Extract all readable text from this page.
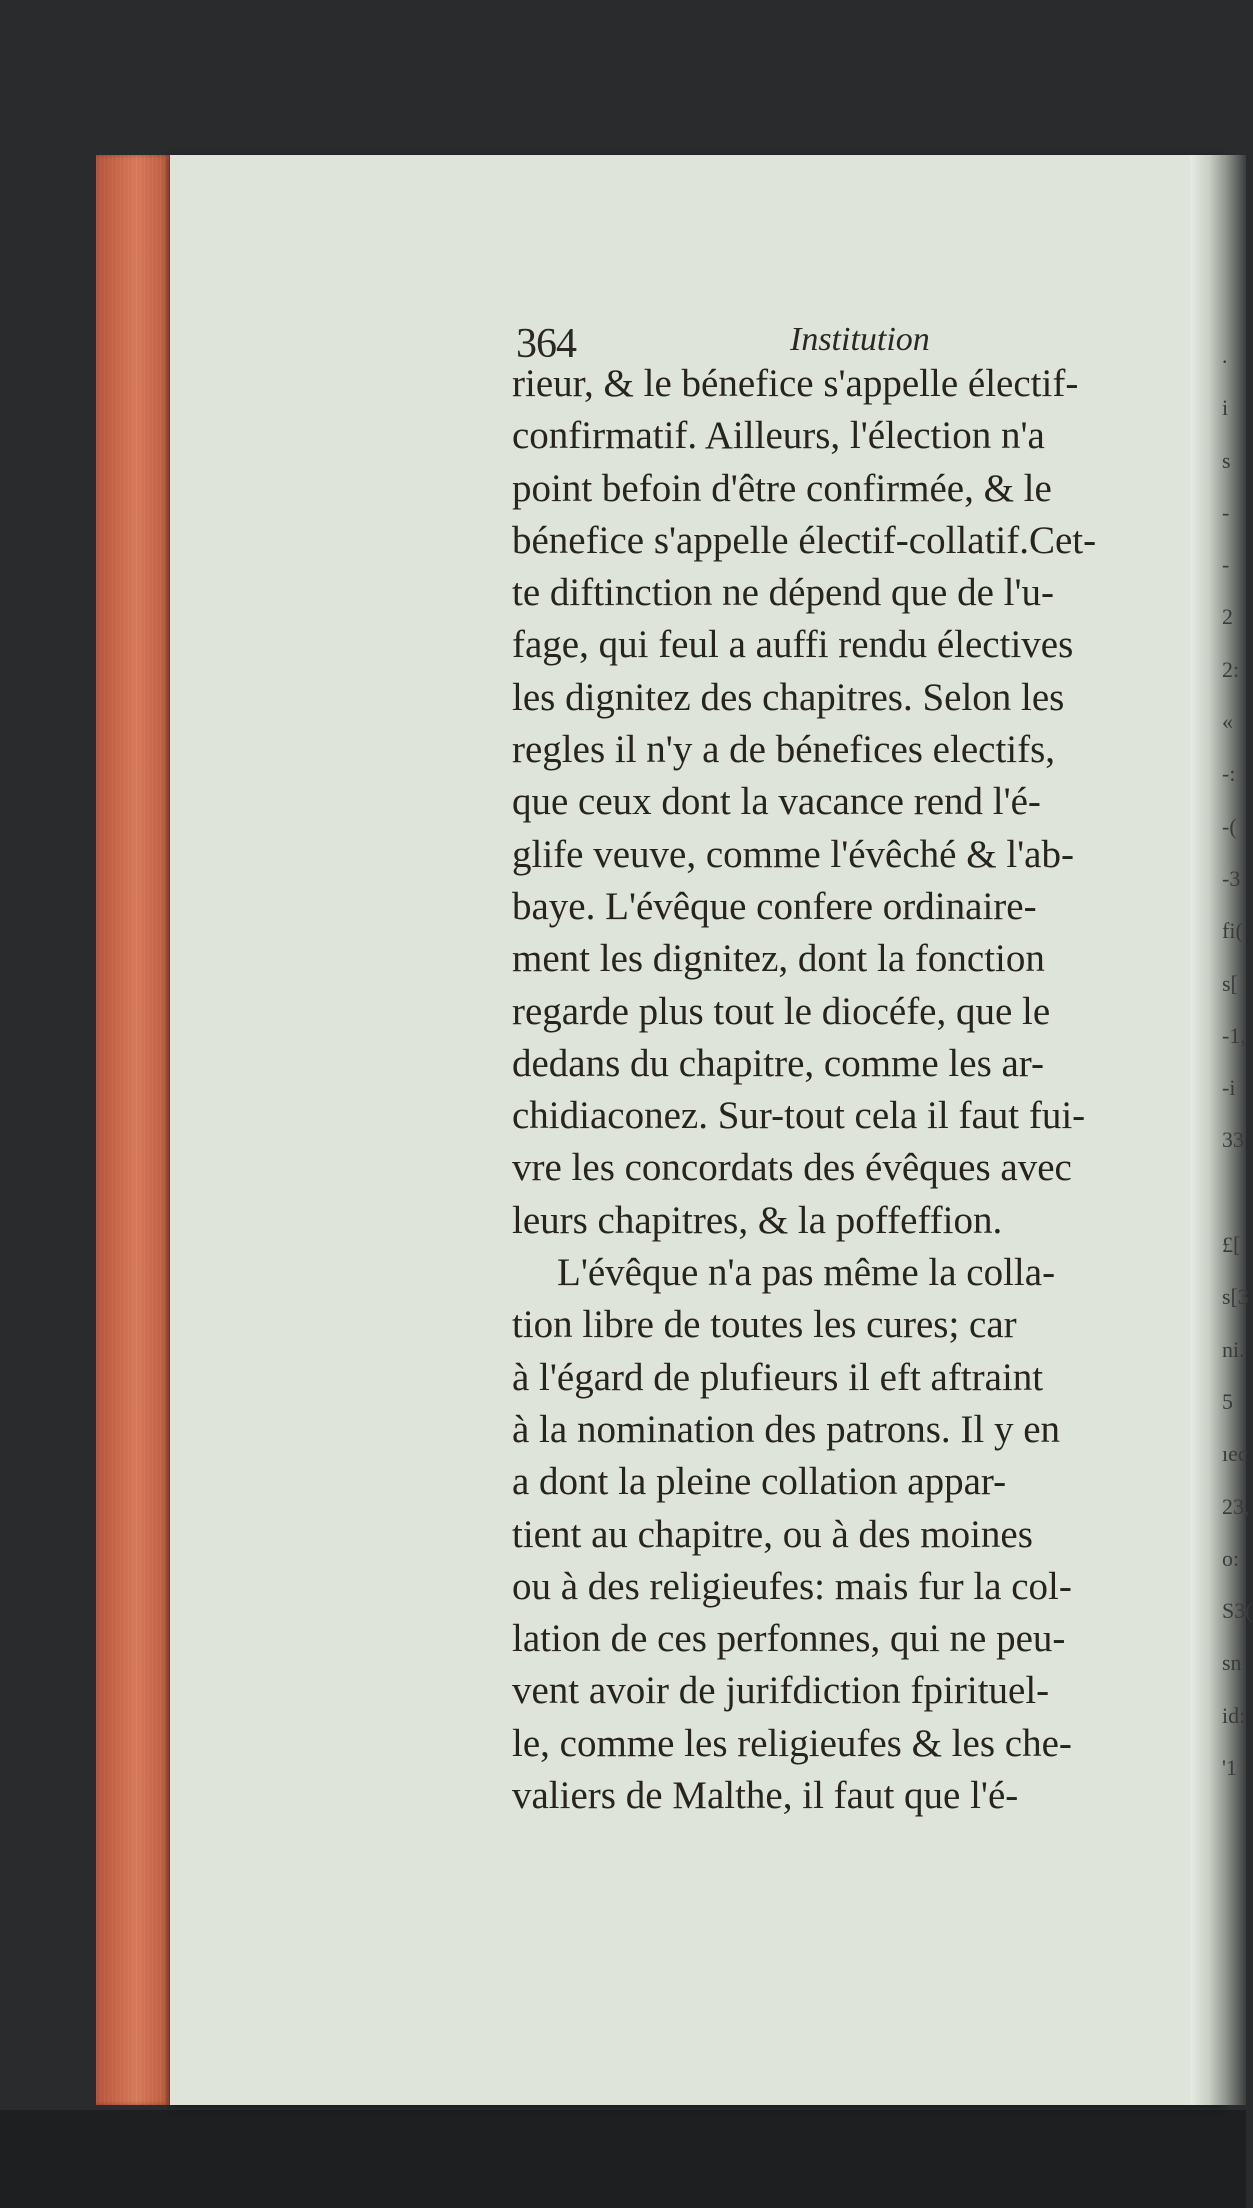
.
i
s
-
-
2
2:
«
-:
-(
-3
fi(
s[
-1,
-i
33
£[
s[3
ni.
5
ıec
23,
o:
S3(
sn
id:
'1
364	Institution
rieur, & le bénefice s'appelle électif-
confirmatif. Ailleurs, l'élection n'a
point befoin d'être confirmée, & le
bénefice s'appelle électif-collatif.Cet-
te diftinction ne dépend que de l'u-
fage, qui feul a auffi rendu électives
les dignitez des chapitres. Selon les
regles il n'y a de bénefices electifs,
que ceux dont la vacance rend l'é-
glife veuve, comme l'évêché & l'ab-
baye. L'évêque confere ordinaire-
ment les dignitez, dont la fonction
regarde plus tout le diocéfe, que le
dedans du chapitre, comme les ar-
chidiaconez. Sur-tout cela il faut fui-
vre les concordats des évêques avec
leurs chapitres, & la poffeffion.
L'évêque n'a pas même la colla-
tion libre de toutes les cures; car
à l'égard de plufieurs il eft aftraint
à la nomination des patrons. Il y en
a dont la pleine collation appar-
tient au chapitre, ou à des moines
ou à des religieufes: mais fur la col-
lation de ces perfonnes, qui ne peu-
vent avoir de jurifdiction fpirituel-
le, comme les religieufes & les che-
valiers de Malthe, il faut que l'é-
